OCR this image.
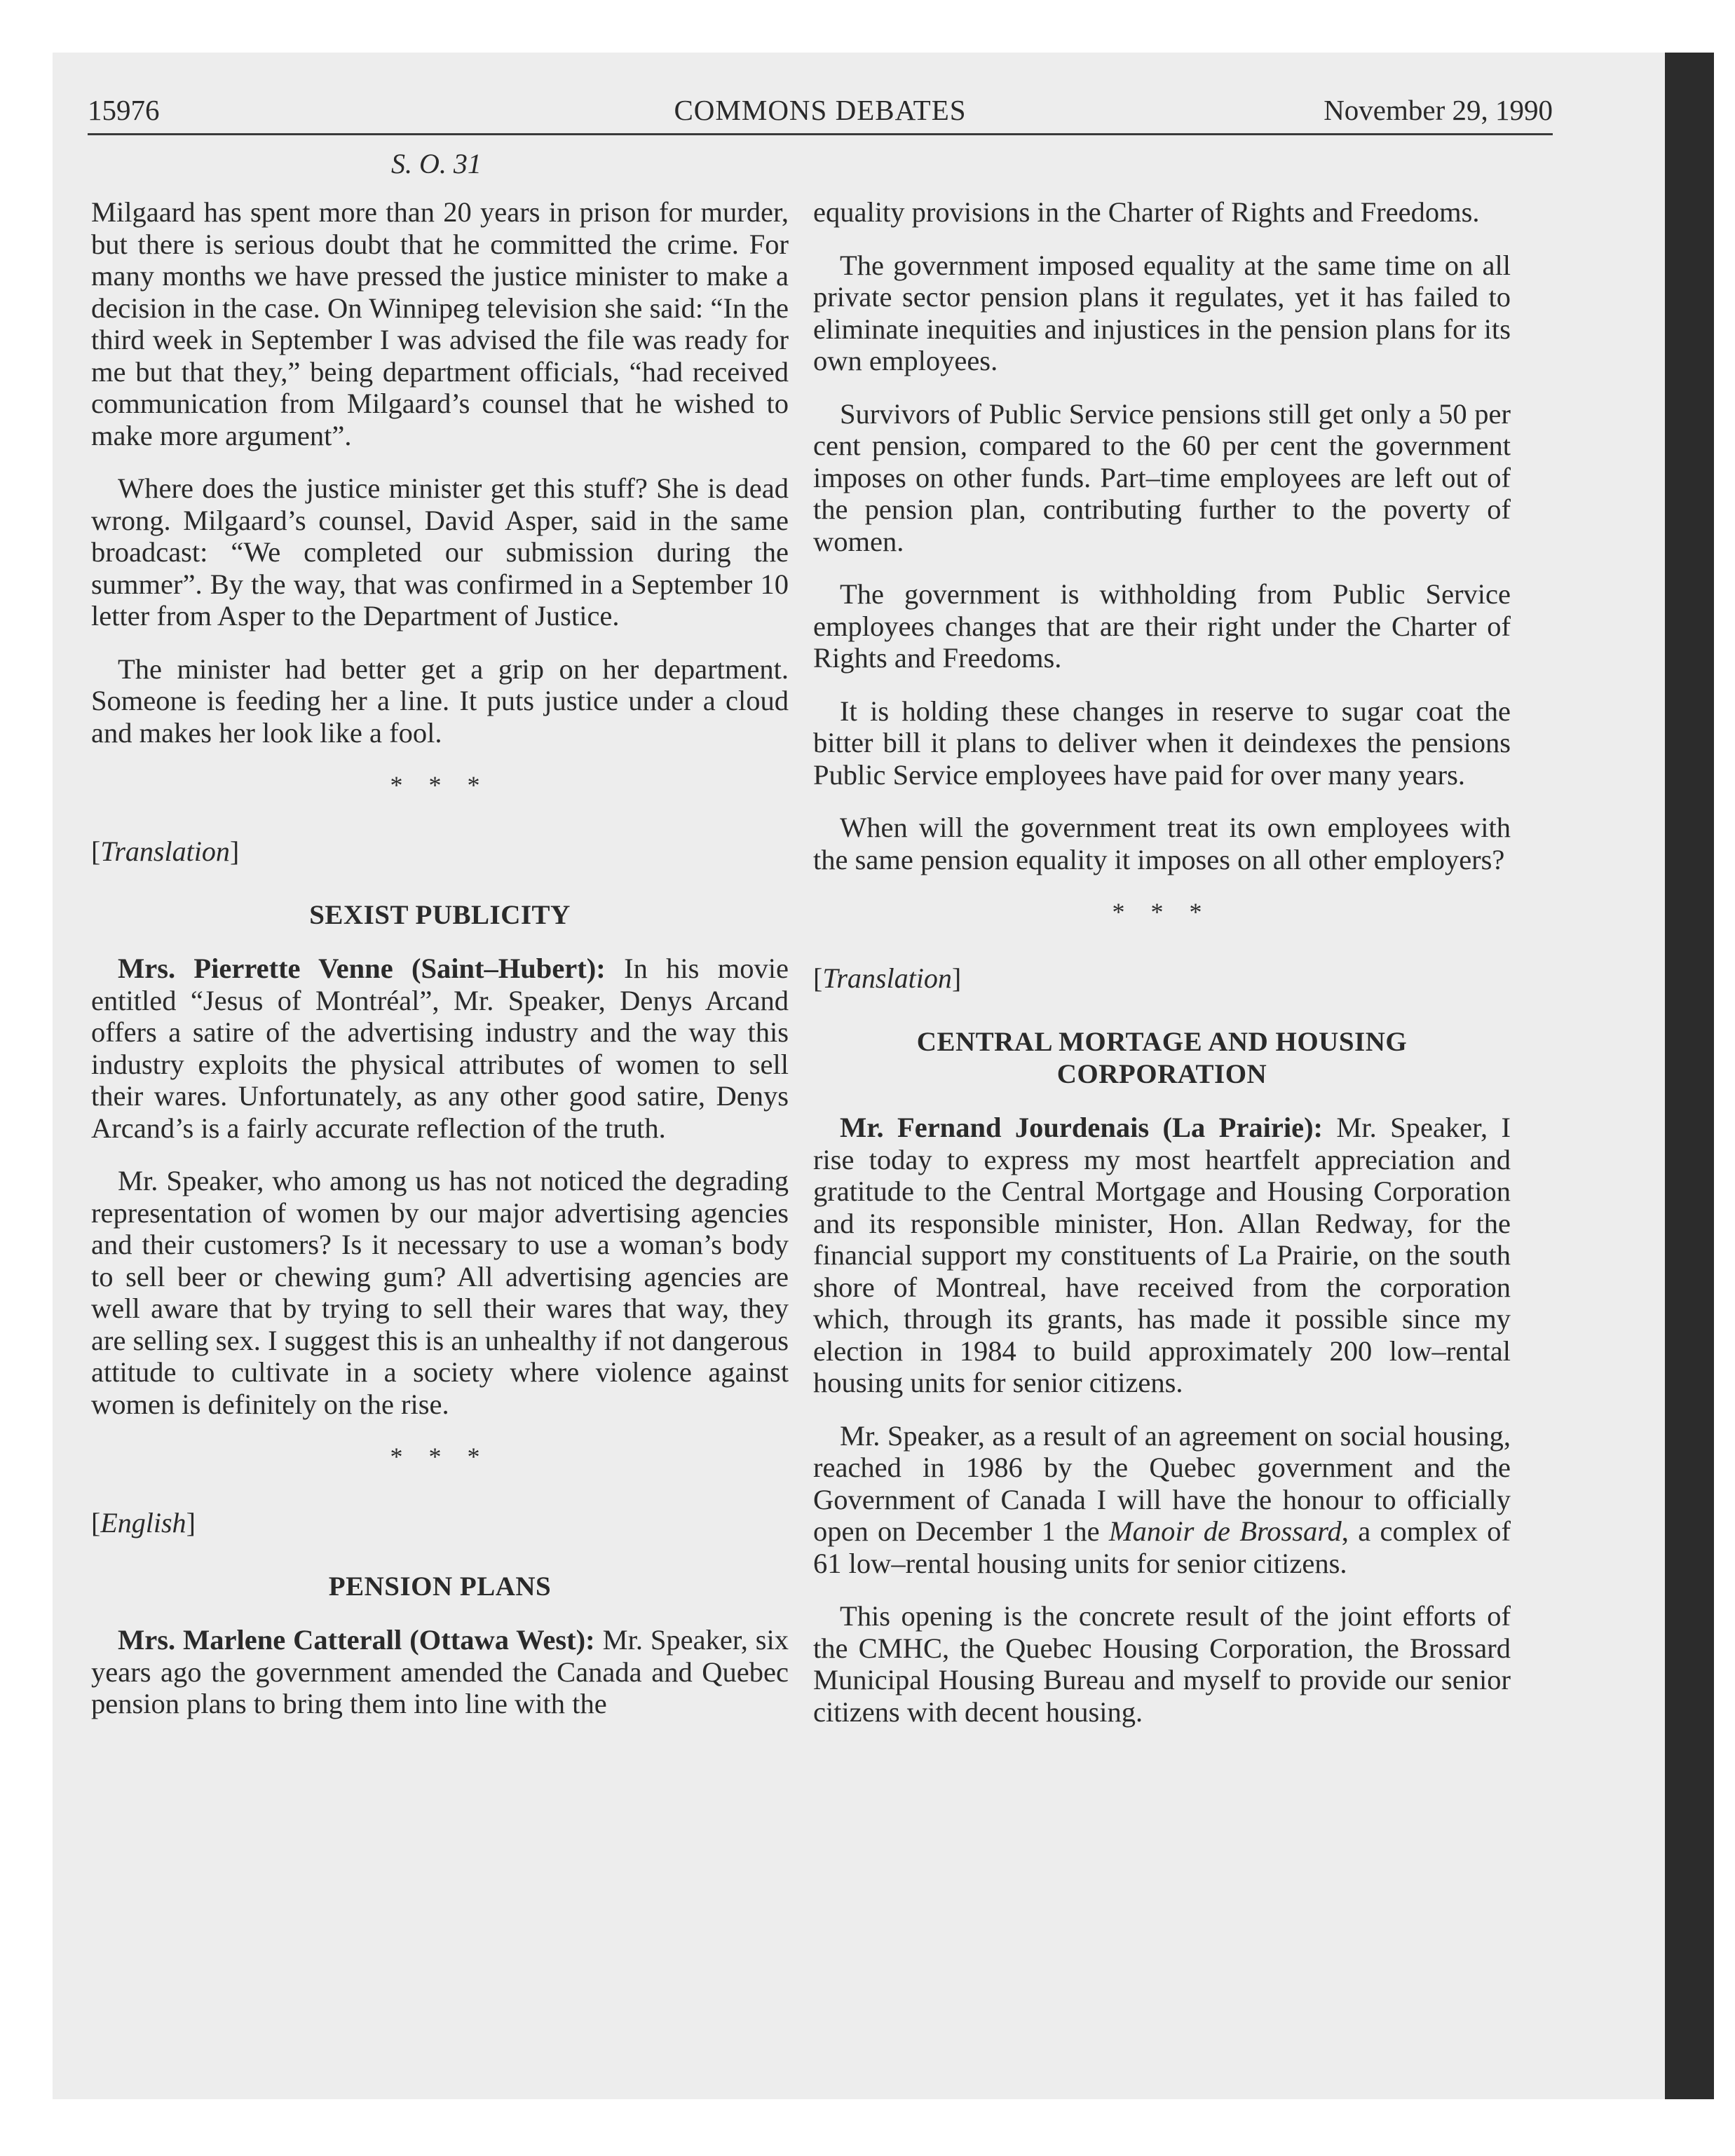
15976	COMMONS DEBATES	November 29, 1990
S. O. 31

Milgaard has spent more than 20 years in prison for murder, but there is serious doubt that he committed the crime. For many months we have pressed the justice minister to make a decision in the case. On Winnipeg television she said: “In the third week in September I was advised the file was ready for me but that they,” being department officials, “had received communication from Milgaard’s counsel that he wished to make more argument”.

Where does the justice minister get this stuff? She is dead wrong. Milgaard’s counsel, David Asper, said in the same broadcast: “We completed our submission during the summer”. By the way, that was confirmed in a September 10 letter from Asper to the Department of Justice.

The minister had better get a grip on her department. Someone is feeding her a line. It puts justice under a cloud and makes her look like a fool.

* * *
[Translation]
SEXIST PUBLICITY

Mrs. Pierrette Venne (Saint–Hubert): In his movie entitled “Jesus of Montréal”, Mr. Speaker, Denys Arcand offers a satire of the advertising industry and the way this industry exploits the physical attributes of women to sell their wares. Unfortunately, as any other good satire, Denys Arcand’s is a fairly accurate reflection of the truth.

Mr. Speaker, who among us has not noticed the degrading representation of women by our major advertising agencies and their customers? Is it necessary to use a woman’s body to sell beer or chewing gum? All advertising agencies are well aware that by trying to sell their wares that way, they are selling sex. I suggest this is an unhealthy if not dangerous attitude to cultivate in a society where violence against women is definitely on the rise.

* * *
[English]
PENSION PLANS

Mrs. Marlene Catterall (Ottawa West): Mr. Speaker, six years ago the government amended the Canada and Quebec pension plans to bring them into line with the

equality provisions in the Charter of Rights and Freedoms.

The government imposed equality at the same time on all private sector pension plans it regulates, yet it has failed to eliminate inequities and injustices in the pension plans for its own employees.

Survivors of Public Service pensions still get only a 50 per cent pension, compared to the 60 per cent the government imposes on other funds. Part–time employees are left out of the pension plan, contributing further to the poverty of women.

The government is withholding from Public Service employees changes that are their right under the Charter of Rights and Freedoms.

It is holding these changes in reserve to sugar coat the bitter bill it plans to deliver when it deindexes the pensions Public Service employees have paid for over many years.

When will the government treat its own employees with the same pension equality it imposes on all other employers?

* * *
[Translation]
CENTRAL MORTAGE AND HOUSING
CORPORATION

Mr. Fernand Jourdenais (La Prairie): Mr. Speaker, I rise today to express my most heartfelt appreciation and gratitude to the Central Mortgage and Housing Corporation and its responsible minister, Hon. Allan Redway, for the financial support my constituents of La Prairie, on the south shore of Montreal, have received from the corporation which, through its grants, has made it possible since my election in 1984 to build approximately 200 low–rental housing units for senior citizens.

Mr. Speaker, as a result of an agreement on social housing, reached in 1986 by the Quebec government and the Government of Canada I will have the honour to officially open on December 1 the Manoir de Brossard, a complex of 61 low–rental housing units for senior citizens.

This opening is the concrete result of the joint efforts of the CMHC, the Quebec Housing Corporation, the Brossard Municipal Housing Bureau and myself to provide our senior citizens with decent housing.
